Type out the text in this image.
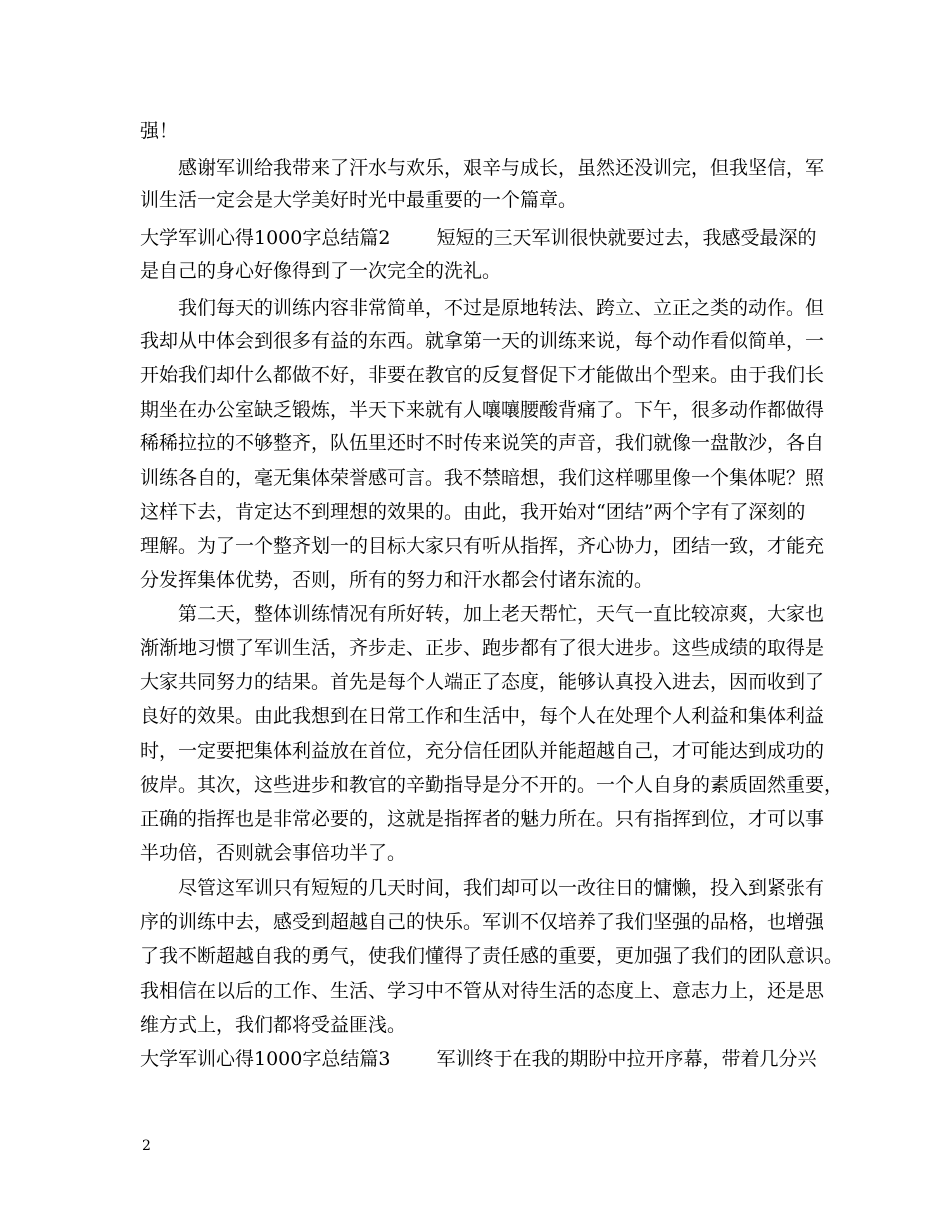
强！
感谢军训给我带来了汗水与欢乐，艰辛与成长，虽然还没训完，但我坚信，军
训生活一定会是大学美好时光中最重要的一个篇章。
大学军训心得1000字总结篇2 短短的三天军训很快就要过去，我感受最深的
是自己的身心好像得到了一次完全的洗礼。
我们每天的训练内容非常简单，不过是原地转法、跨立、立正之类的动作。但
我却从中体会到很多有益的东西。就拿第一天的训练来说，每个动作看似简单，一
开始我们却什么都做不好，非要在教官的反复督促下才能做出个型来。由于我们长
期坐在办公室缺乏锻炼，半天下来就有人嚷嚷腰酸背痛了。下午，很多动作都做得
稀稀拉拉的不够整齐，队伍里还时不时传来说笑的声音，我们就像一盘散沙，各自
训练各自的，毫无集体荣誉感可言。我不禁暗想，我们这样哪里像一个集体呢？照
这样下去，肯定达不到理想的效果的。由此，我开始对“团结”两个字有了深刻的
理解。为了一个整齐划一的目标大家只有听从指挥，齐心协力，团结一致，才能充
分发挥集体优势，否则，所有的努力和汗水都会付诸东流的。
第二天，整体训练情况有所好转，加上老天帮忙，天气一直比较凉爽，大家也
渐渐地习惯了军训生活，齐步走、正步、跑步都有了很大进步。这些成绩的取得是
大家共同努力的结果。首先是每个人端正了态度，能够认真投入进去，因而收到了
良好的效果。由此我想到在日常工作和生活中，每个人在处理个人利益和集体利益
时，一定要把集体利益放在首位，充分信任团队并能超越自己，才可能达到成功的
彼岸。其次，这些进步和教官的辛勤指导是分不开的。一个人自身的素质固然重要，
正确的指挥也是非常必要的，这就是指挥者的魅力所在。只有指挥到位，才可以事
半功倍，否则就会事倍功半了。
尽管这军训只有短短的几天时间，我们却可以一改往日的慵懒，投入到紧张有
序的训练中去，感受到超越自己的快乐。军训不仅培养了我们坚强的品格，也增强
了我不断超越自我的勇气，使我们懂得了责任感的重要，更加强了我们的团队意识。
我相信在以后的工作、生活、学习中不管从对待生活的态度上、意志力上，还是思
维方式上，我们都将受益匪浅。
大学军训心得1000字总结篇3 军训终于在我的期盼中拉开序幕，带着几分兴
2
